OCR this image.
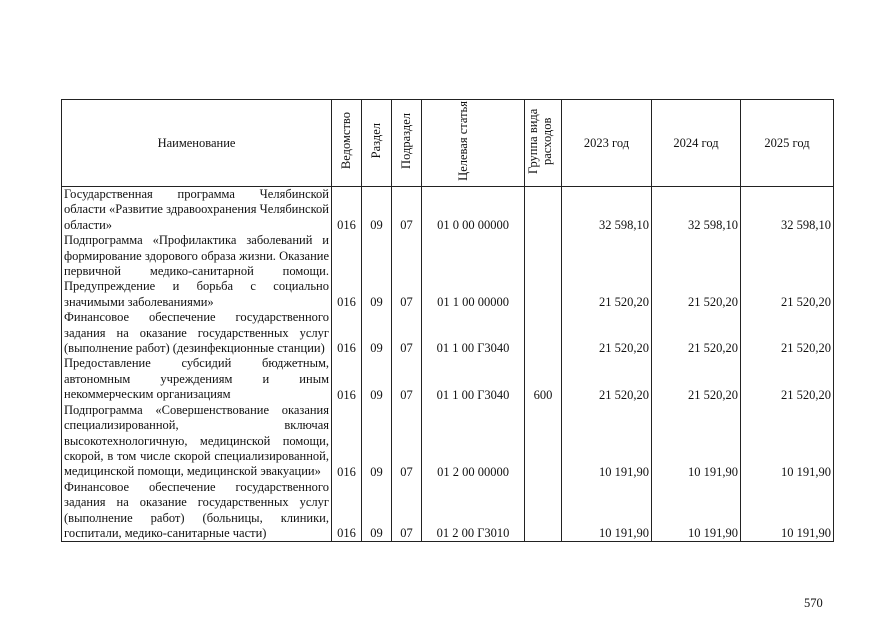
Наименование	Ведомство	Раздел	Подраздел	Целевая статья	Группа вида расходов	2023 год	2024 год	2025 год
Государственная программа Челябинской области «Развитие здравоохранения Челябинской области»	016	09	07	01 0 00 00000		32 598,10	32 598,10	32 598,10
Подпрограмма «Профилактика заболеваний и формирование здорового образа жизни. Оказание первичной медико-санитарной помощи. Предупреждение и борьба с социально значимыми заболеваниями»	016	09	07	01 1 00 00000		21 520,20	21 520,20	21 520,20
Финансовое обеспечение государственного задания на оказание государственных услуг (выполнение работ) (дезинфекционные станции)	016	09	07	01 1 00 Г3040		21 520,20	21 520,20	21 520,20
Предоставление субсидий бюджетным, автономным учреждениям и иным некоммерческим организациям	016	09	07	01 1 00 Г3040	600	21 520,20	21 520,20	21 520,20
Подпрограмма «Совершенствование оказания специализированной, включая высокотехнологичную, медицинской помощи, скорой, в том числе скорой специализированной, медицинской помощи, медицинской эвакуации»	016	09	07	01 2 00 00000		10 191,90	10 191,90	10 191,90
Финансовое обеспечение государственного задания на оказание государственных услуг (выполнение работ) (больницы, клиники, госпитали, медико-санитарные части)	016	09	07	01 2 00 Г3010		10 191,90	10 191,90	10 191,90
570
